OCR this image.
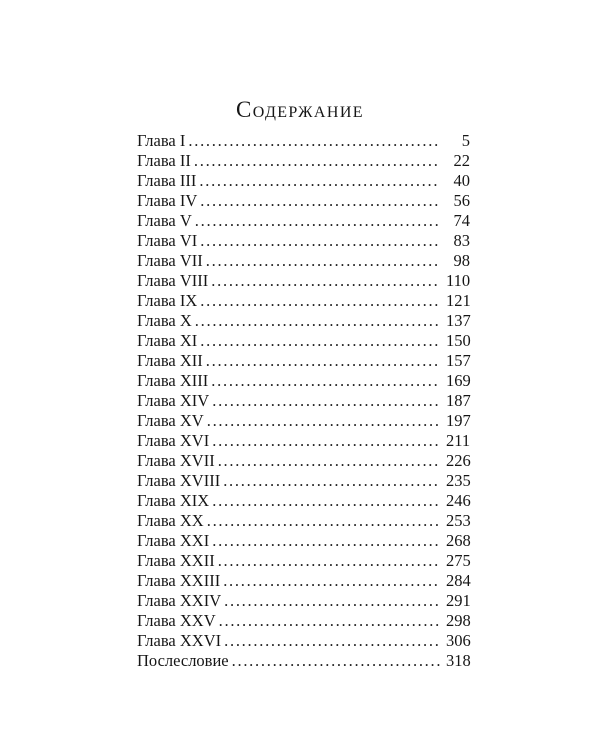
Содержание
Глава I . . .	5
Глава II . . .	22
Глава III . . .	40
Глава IV . . .	56
Глава V . . .	74
Глава VI . . .	83
Глава VII . . .	98
Глава VIII . . .	110
Глава IX . . .	121
Глава X . . .	137
Глава XI . . .	150
Глава XII . . .	157
Глава XIII . . .	169
Глава XIV . . .	187
Глава XV . . .	197
Глава XVI . . .	211
Глава XVII . . .	226
Глава XVIII . . .	235
Глава XIX . . .	246
Глава XX . . .	253
Глава XXI . . .	268
Глава XXII . . .	275
Глава XXIII . . .	284
Глава XXIV . . .	291
Глава XXV . . .	298
Глава XXVI . . .	306
Послесловие . . .	318
